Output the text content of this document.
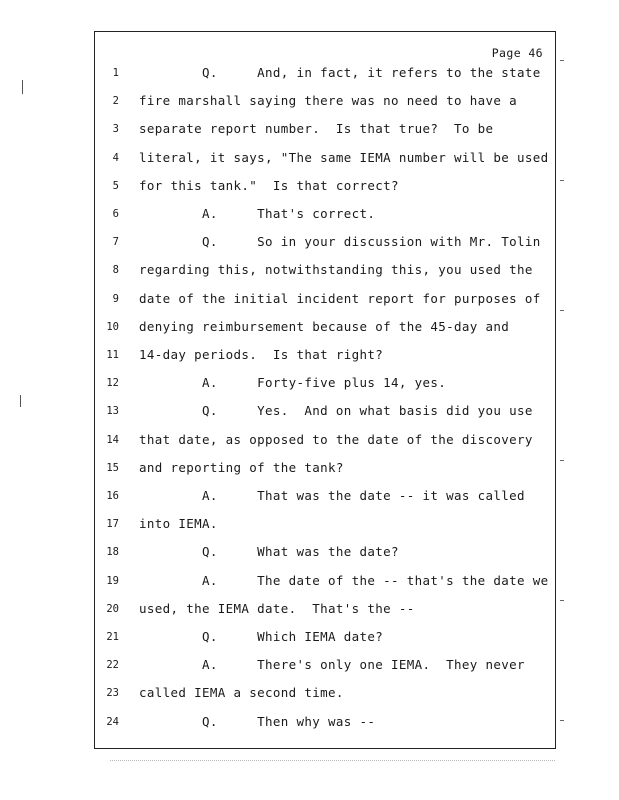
Page 46
1 Q.     And, in fact, it refers to the state
2 fire marshall saying there was no need to have a
3 separate report number.  Is that true?  To be
4 literal, it says, "The same IEMA number will be used
5 for this tank."  Is that correct?
6 A.     That's correct.
7 Q.     So in your discussion with Mr. Tolin
8 regarding this, notwithstanding this, you used the
9 date of the initial incident report for purposes of
10 denying reimbursement because of the 45-day and
11 14-day periods.  Is that right?
12 A.     Forty-five plus 14, yes.
13 Q.     Yes.  And on what basis did you use
14 that date, as opposed to the date of the discovery
15 and reporting of the tank?
16 A.     That was the date -- it was called
17 into IEMA.
18 Q.     What was the date?
19 A.     The date of the -- that's the date we
20 used, the IEMA date.  That's the --
21 Q.     Which IEMA date?
22 A.     There's only one IEMA.  They never
23 called IEMA a second time.
24 Q.     Then why was --
